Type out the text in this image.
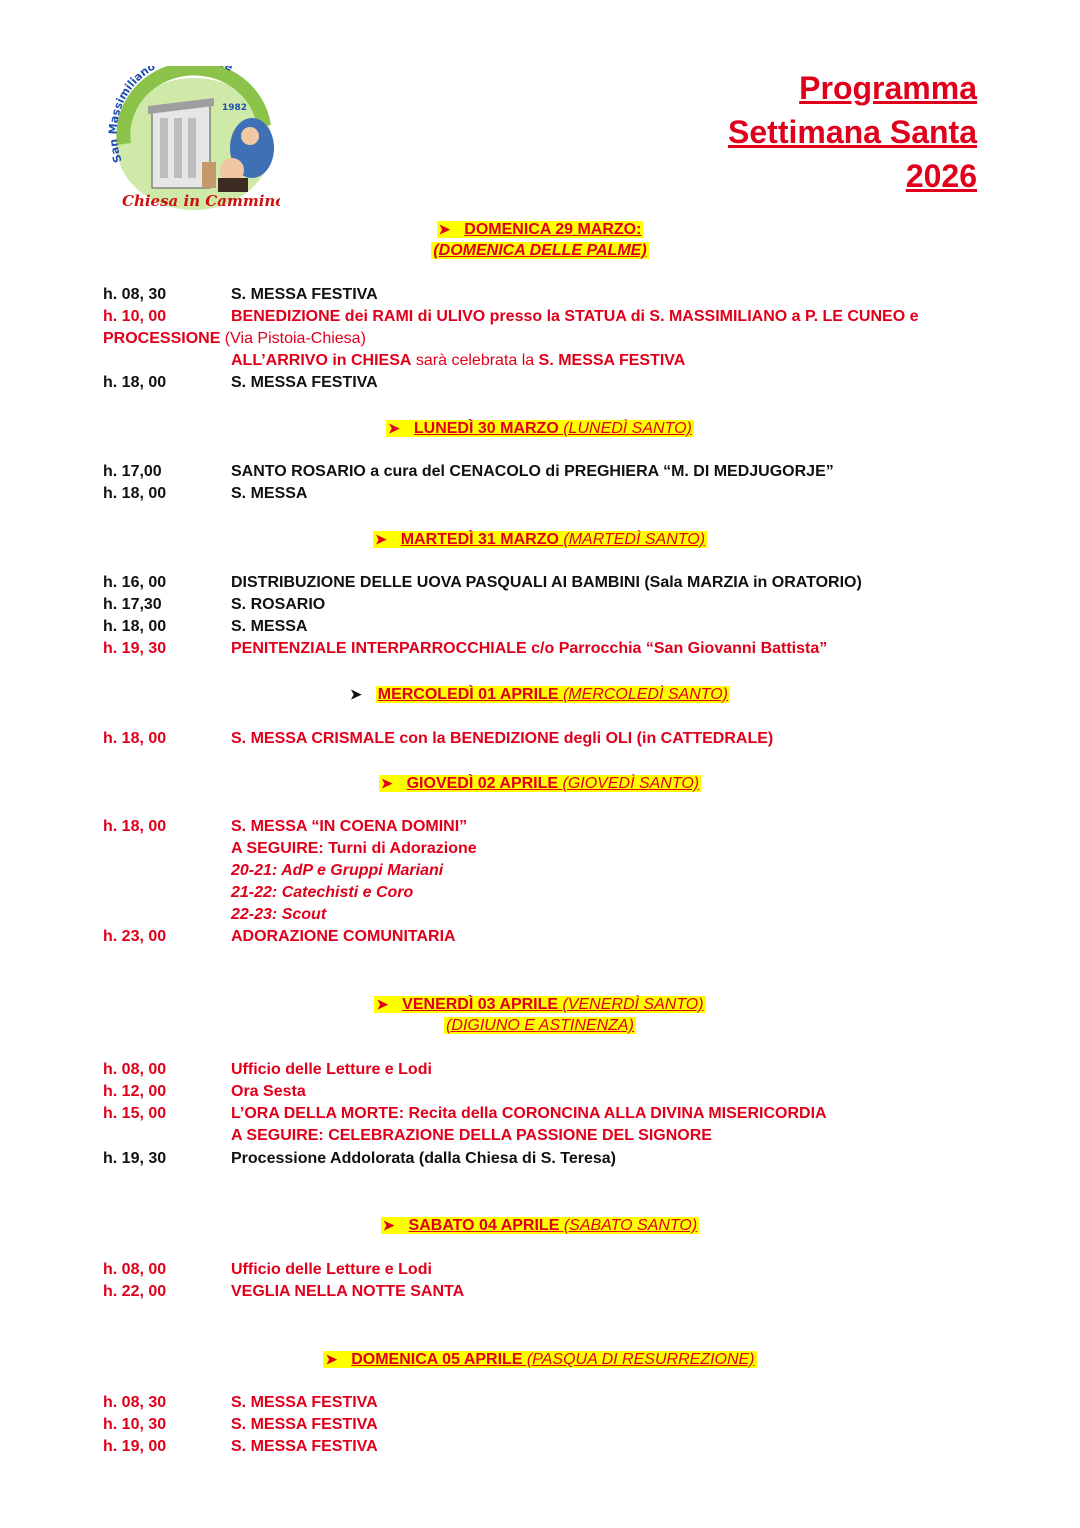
San Massimiliano e
1982
Chiesa in Cammino
Programma
Settimana Santa
2026
➤ DOMENICA 29 MARZO:
(DOMENICA DELLE PALME)
h. 08, 30	S. MESSA FESTIVA
h. 10, 00	BENEDIZIONE dei RAMI di ULIVO presso la STATUA di S. MASSIMILIANO a P. LE CUNEO e
PROCESSIONE (Via Pistoia-Chiesa)
ALL’ARRIVO in CHIESA sarà celebrata la S. MESSA FESTIVA
h. 18, 00	S. MESSA FESTIVA
➤ LUNEDÌ 30 MARZO (LUNEDÌ SANTO)
h. 17,00	SANTO ROSARIO a cura del CENACOLO di PREGHIERA “M. DI MEDJUGORJE”
h. 18, 00	S. MESSA
➤ MARTEDÌ 31 MARZO (MARTEDÌ SANTO)
h. 16, 00	DISTRIBUZIONE DELLE UOVA PASQUALI AI BAMBINI (Sala MARZIA in ORATORIO)
h. 17,30	S. ROSARIO
h. 18, 00	S. MESSA
h. 19, 30	PENITENZIALE INTERPARROCCHIALE c/o Parrocchia “San Giovanni Battista”
➤ MERCOLEDÌ 01 APRILE (MERCOLEDÌ SANTO)
h. 18, 00	S. MESSA CRISMALE con la BENEDIZIONE degli OLI (in CATTEDRALE)
➤ GIOVEDÌ 02 APRILE (GIOVEDÌ SANTO)
h. 18, 00	S. MESSA “IN COENA DOMINI”
A SEGUIRE: Turni di Adorazione
20-21: AdP e Gruppi Mariani
21-22: Catechisti e Coro
22-23: Scout
h. 23, 00	ADORAZIONE COMUNITARIA
➤ VENERDÌ 03 APRILE (VENERDÌ SANTO)
(DIGIUNO E ASTINENZA)
h. 08, 00	Ufficio delle Letture e Lodi
h. 12, 00	Ora Sesta
h. 15, 00	L’ORA DELLA MORTE: Recita della CORONCINA ALLA DIVINA MISERICORDIA
A SEGUIRE: CELEBRAZIONE DELLA PASSIONE DEL SIGNORE
h. 19, 30	Processione Addolorata (dalla Chiesa di S. Teresa)
➤ SABATO 04 APRILE (SABATO SANTO)
h. 08, 00	Ufficio delle Letture e Lodi
h. 22, 00	VEGLIA NELLA NOTTE SANTA
➤ DOMENICA 05 APRILE (PASQUA DI RESURREZIONE)
h. 08, 30	S. MESSA FESTIVA
h. 10, 30	S. MESSA FESTIVA
h. 19, 00	S. MESSA FESTIVA
